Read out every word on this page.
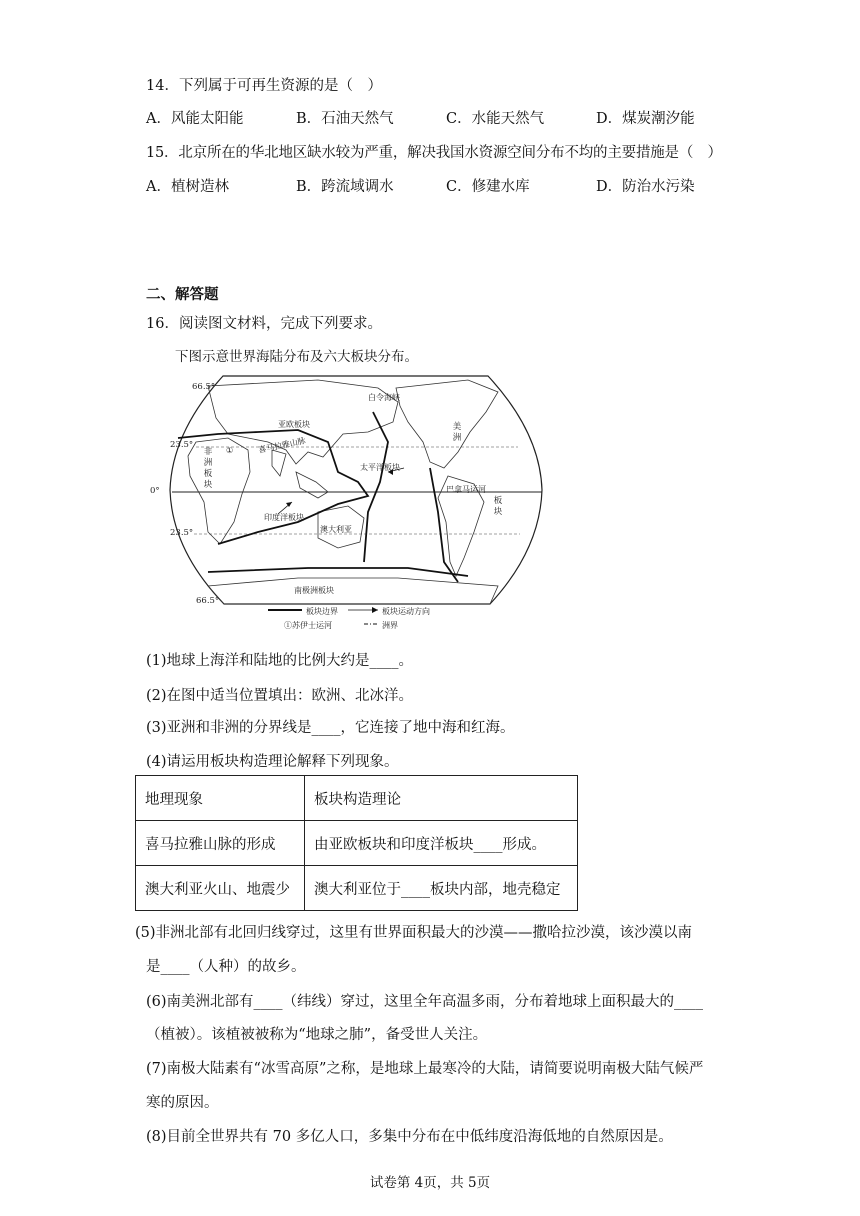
14．下列属于可再生资源的是（　）
A．风能太阳能	B．石油天然气	C．水能天然气	D．煤炭潮汐能
15．北京所在的华北地区缺水较为严重，解决我国水资源空间分布不均的主要措施是（　）
A．植树造林	B．跨流域调水	C．修建水库	D．防治水污染
二、解答题
16．阅读图文材料，完成下列要求。
下图示意世界海陆分布及六大板块分布。
66.5°
23.5°
0°
23.5°
66.5°
白令海峡
亚欧板块
喜马拉雅山脉
①
非洲板块
太平洋板块
巴拿马运河
美洲
板块
印度洋板块
澳大利亚
南极洲板块
板块边界	板块运动方向
①苏伊士运河	洲界
(1)地球上海洋和陆地的比例大约是____。
(2)在图中适当位置填出：欧洲、北冰洋。
(3)亚洲和非洲的分界线是____，它连接了地中海和红海。
(4)请运用板块构造理论解释下列现象。
地理现象	板块构造理论
喜马拉雅山脉的形成	由亚欧板块和印度洋板块____形成。
澳大利亚火山、地震少	澳大利亚位于____板块内部，地壳稳定
(5)非洲北部有北回归线穿过，这里有世界面积最大的沙漠——撒哈拉沙漠，该沙漠以南
是____（人种）的故乡。
(6)南美洲北部有____（纬线）穿过，这里全年高温多雨，分布着地球上面积最大的____
（植被）。该植被被称为“地球之肺”，备受世人关注。
(7)南极大陆素有“冰雪高原”之称，是地球上最寒冷的大陆，请简要说明南极大陆气候严
寒的原因。
(8)目前全世界共有 70 多亿人口，多集中分布在中低纬度沿海低地的自然原因是。
试卷第 4页，共 5页
